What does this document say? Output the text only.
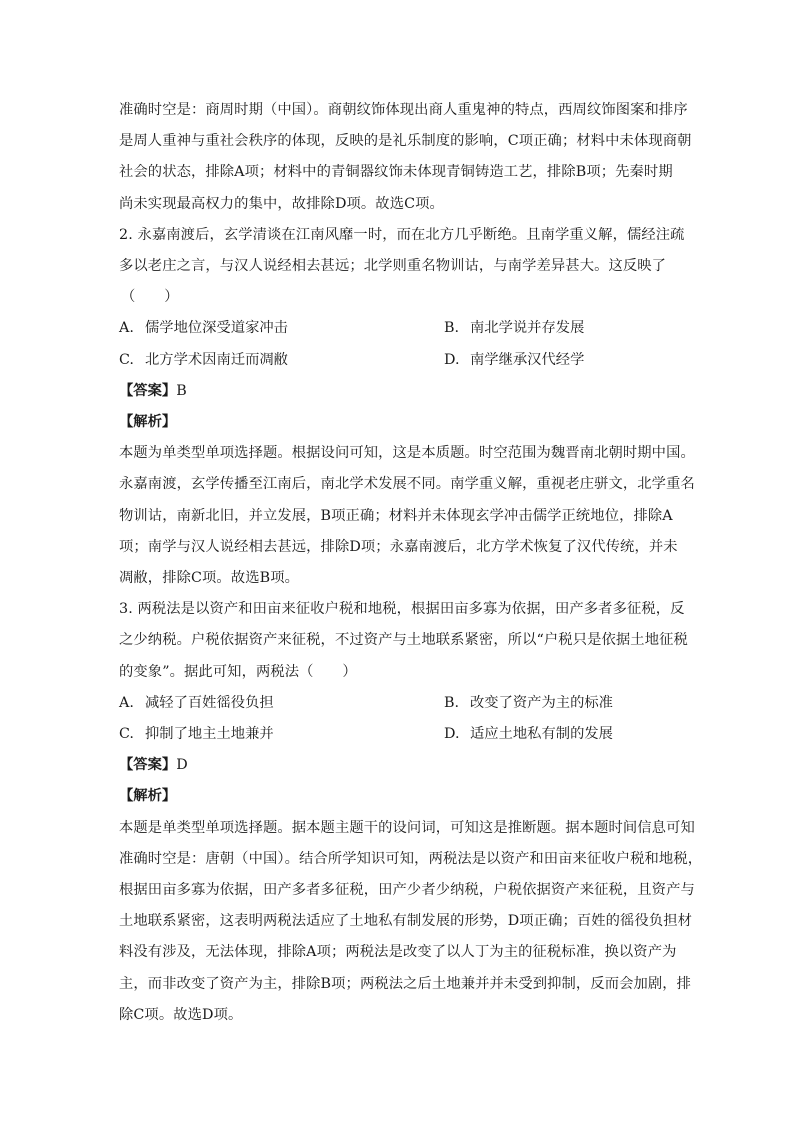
准确时空是：商周时期（中国）。商朝纹饰体现出商人重鬼神的特点，西周纹饰图案和排序
是周人重神与重社会秩序的体现，反映的是礼乐制度的影响，C项正确；材料中未体现商朝
社会的状态，排除A项；材料中的青铜器纹饰未体现青铜铸造工艺，排除B项；先秦时期
尚未实现最高权力的集中，故排除D项。故选C项。

2. 永嘉南渡后，玄学清谈在江南风靡一时，而在北方几乎断绝。且南学重义解，儒经注疏
多以老庄之言，与汉人说经相去甚远；北学则重名物训诂，与南学差异甚大。这反映了
（　　）

A. 儒学地位深受道家冲击	B. 南北学说并存发展
C. 北方学术因南迁而凋敝	D. 南学继承汉代经学
【答案】B
【解析】

本题为单类型单项选择题。根据设问可知，这是本质题。时空范围为魏晋南北朝时期中国。
永嘉南渡，玄学传播至江南后，南北学术发展不同。南学重义解，重视老庄骈文，北学重名
物训诂，南新北旧，并立发展，B项正确；材料并未体现玄学冲击儒学正统地位，排除A
项；南学与汉人说经相去甚远，排除D项；永嘉南渡后，北方学术恢复了汉代传统，并未
凋敝，排除C项。故选B项。

3. 两税法是以资产和田亩来征收户税和地税，根据田亩多寡为依据，田产多者多征税，反
之少纳税。户税依据资产来征税，不过资产与土地联系紧密，所以“户税只是依据土地征税
的变象”。据此可知，两税法（　　）

A. 减轻了百姓徭役负担	B. 改变了资产为主的标准
C. 抑制了地主土地兼并	D. 适应土地私有制的发展
【答案】D
【解析】

本题是单类型单项选择题。据本题主题干的设问词，可知这是推断题。据本题时间信息可知
准确时空是：唐朝（中国）。结合所学知识可知，两税法是以资产和田亩来征收户税和地税，
根据田亩多寡为依据，田产多者多征税，田产少者少纳税，户税依据资产来征税，且资产与
土地联系紧密，这表明两税法适应了土地私有制发展的形势，D项正确；百姓的徭役负担材
料没有涉及，无法体现，排除A项；两税法是改变了以人丁为主的征税标准，换以资产为
主，而非改变了资产为主，排除B项；两税法之后土地兼并并未受到抑制，反而会加剧，排
除C项。故选D项。
